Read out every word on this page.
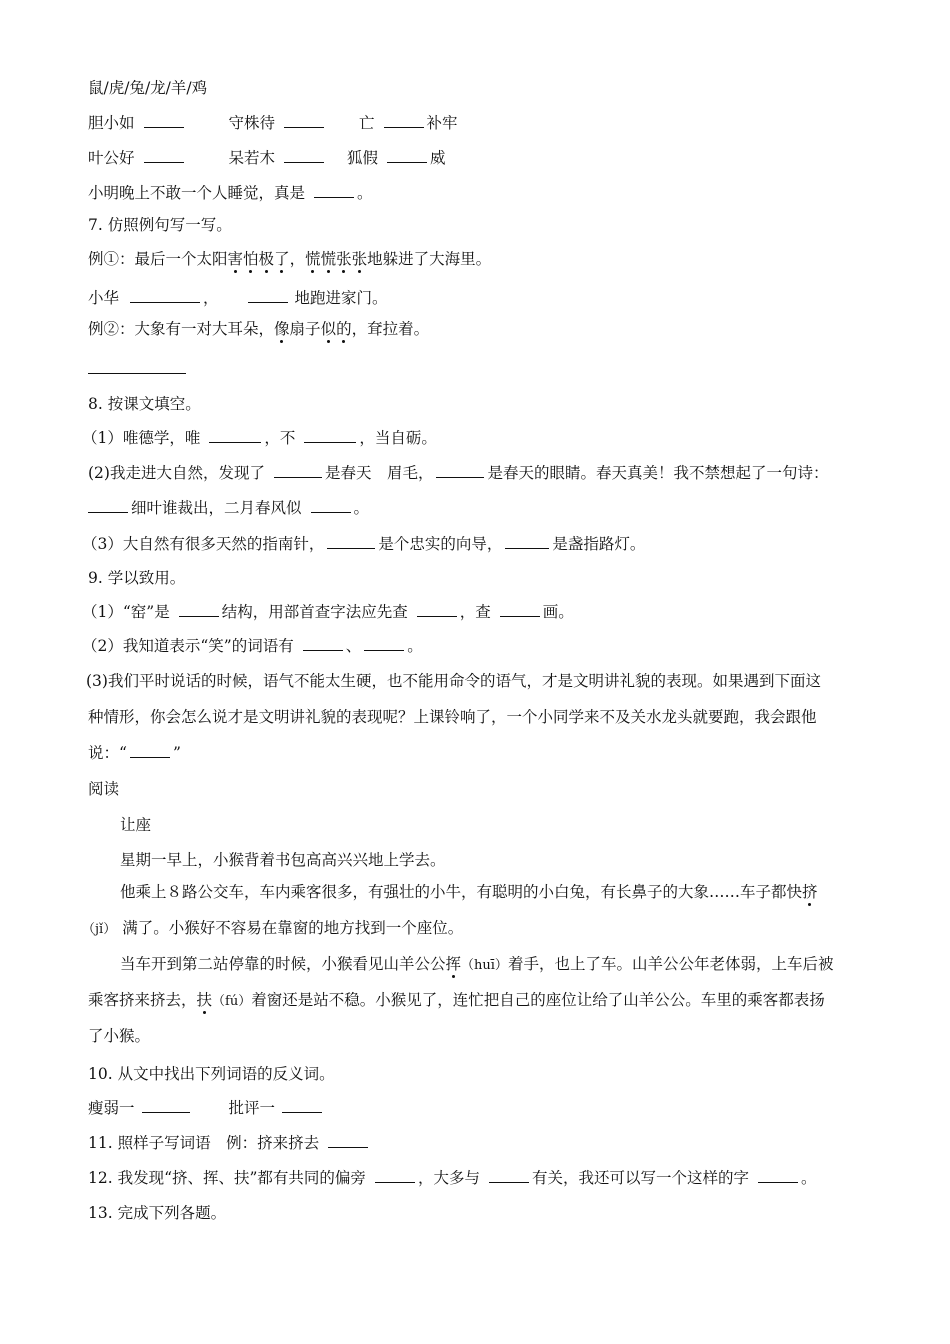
鼠/虎/兔/龙/羊/鸡
胆小如	守株待	亡	补牢
叶公好	呆若木	狐假	威
小明晚上不敢一个人睡觉，真是	。
7. 仿照例句写一写。
例①：最后一个太阳害怕极了，慌慌张张地躲进了大海里。
小华	，	地跑进家门。
例②：大象有一对大耳朵，像扇子似的，耷拉着。
8. 按课文填空。
（1）唯德学，唯	，不	，当自砺。
(2)我走进大自然，发现了	是春天　眉毛，	是春天的眼睛。春天真美！我不禁想起了一句诗：
细叶谁裁出，二月春风似	。
（3）大自然有很多天然的指南针，	是个忠实的向导，	是盏指路灯。
9. 学以致用。
（1）“窑”是	结构，用部首查字法应先查	，查	画。
（2）我知道表示“笑”的词语有	、	。
(3)我们平时说话的时候，语气不能太生硬，也不能用命令的语气，才是文明讲礼貌的表现。如果遇到下面这
种情形，你会怎么说才是文明讲礼貌的表现呢？上课铃响了，一个小同学来不及关水龙头就要跑，我会跟他
说：“	”
阅读
让座
星期一早上，小猴背着书包高高兴兴地上学去。
他乘上８路公交车，车内乘客很多，有强壮的小牛，有聪明的小白兔，有长鼻子的大象……车子都快挤
（jǐ） 满了。小猴好不容易在靠窗的地方找到一个座位。
当车开到第二站停靠的时候，小猴看见山羊公公挥（huī）着手，也上了车。山羊公公年老体弱，上车后被
乘客挤来挤去，扶（fú）着窗还是站不稳。小猴见了，连忙把自己的座位让给了山羊公公。车里的乘客都表扬
了小猴。
10. 从文中找出下列词语的反义词。
瘦弱一	批评一
11. 照样子写词语　例：挤来挤去
12. 我发现“挤、挥、扶”都有共同的偏旁	，大多与	有关，我还可以写一个这样的字	。
13. 完成下列各题。
